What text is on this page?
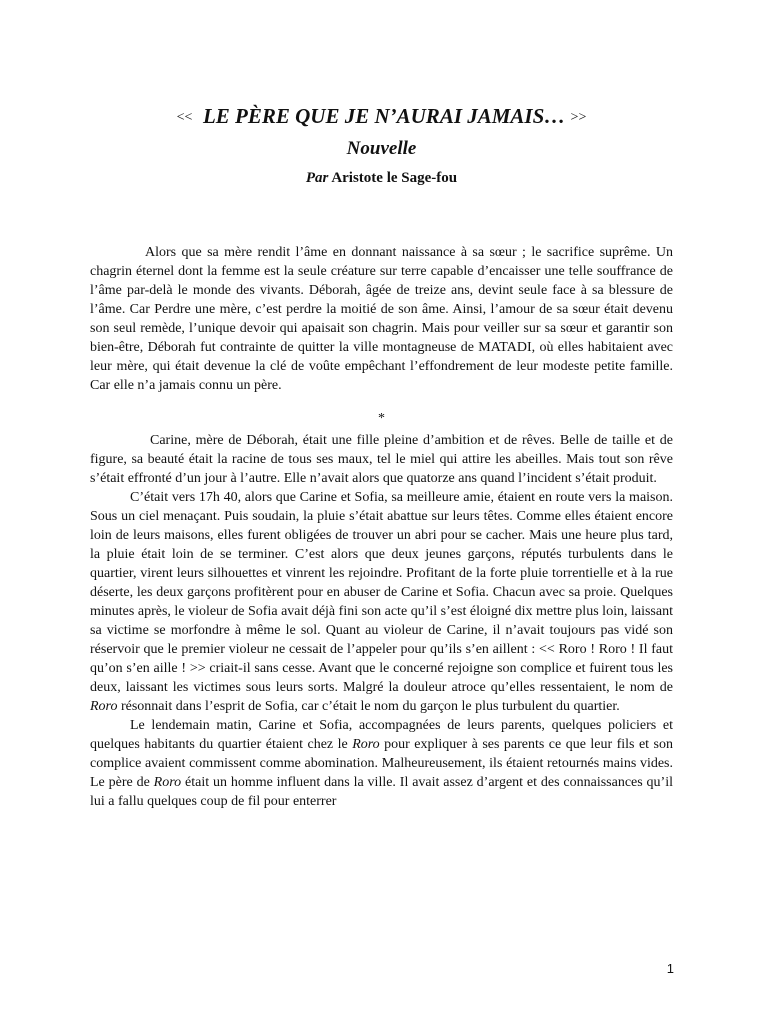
<< LE PÈRE QUE JE N’AURAI JAMAIS… >>
Nouvelle
Par Aristote le Sage-fou

Alors que sa mère rendit l’âme en donnant naissance à sa sœur ; le sacrifice suprême. Un chagrin éternel dont la femme est la seule créature sur terre capable d’encaisser une telle souffrance de l’âme par-delà le monde des vivants. Déborah, âgée de treize ans, devint seule face à sa blessure de l’âme. Car Perdre une mère, c’est perdre la moitié de son âme. Ainsi, l’amour de sa sœur était devenu son seul remède, l’unique devoir qui apaisait son chagrin. Mais pour veiller sur sa sœur et garantir son bien-être, Déborah fut contrainte de quitter la ville montagneuse de MATADI, où elles habitaient avec leur mère, qui était devenue la clé de voûte empêchant l’effondrement de leur modeste petite famille. Car elle n’a jamais connu un père.

*

Carine, mère de Déborah, était une fille pleine d’ambition et de rêves. Belle de taille et de figure, sa beauté était la racine de tous ses maux, tel le miel qui attire les abeilles. Mais tout son rêve s’était effronté d’un jour à l’autre. Elle n’avait alors que quatorze ans quand l’incident s’était produit.

C’était vers 17h 40, alors que Carine et Sofia, sa meilleure amie, étaient en route vers la maison. Sous un ciel menaçant. Puis soudain, la pluie s’était abattue sur leurs têtes. Comme elles étaient encore loin de leurs maisons, elles furent obligées de trouver un abri pour se cacher. Mais une heure plus tard, la pluie était loin de se terminer. C’est alors que deux jeunes garçons, réputés turbulents dans le quartier, virent leurs silhouettes et vinrent les rejoindre. Profitant de la forte pluie torrentielle et à la rue déserte, les deux garçons profitèrent pour en abuser de Carine et Sofia. Chacun avec sa proie. Quelques minutes après, le violeur de Sofia avait déjà fini son acte qu’il s’est éloigné dix mettre plus loin, laissant sa victime se morfondre à même le sol. Quant au violeur de Carine, il n’avait toujours pas vidé son réservoir que le premier violeur ne cessait de l’appeler pour qu’ils s’en aillent : << Roro ! Roro ! Il faut qu’on s’en aille ! >> criait-il sans cesse. Avant que le concerné rejoigne son complice et fuirent tous les deux, laissant les victimes sous leurs sorts. Malgré la douleur atroce qu’elles ressentaient, le nom de Roro résonnait dans l’esprit de Sofia, car c’était le nom du garçon le plus turbulent du quartier.

Le lendemain matin, Carine et Sofia, accompagnées de leurs parents, quelques policiers et quelques habitants du quartier étaient chez le Roro pour expliquer à ses parents ce que leur fils et son complice avaient commissent comme abomination. Malheureusement, ils étaient retournés mains vides. Le père de Roro était un homme influent dans la ville. Il avait assez d’argent et des connaissances qu’il lui a fallu quelques coup de fil pour enterrer

1
